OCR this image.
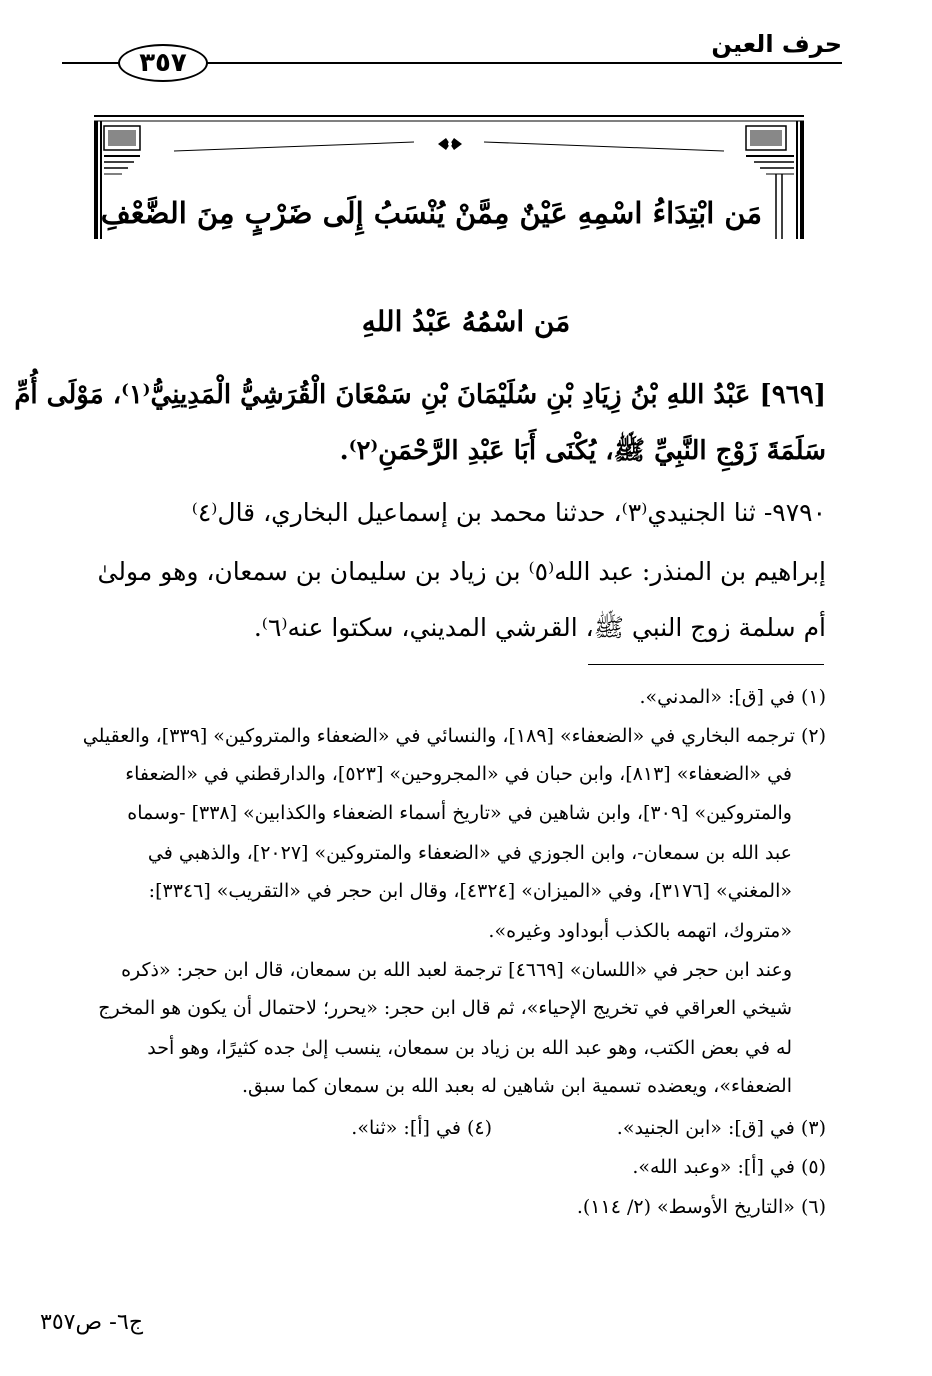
حرف العين
٣٥٧
مَن ابْتِدَاءُ اسْمِهِ عَيْنٌ مِمَّنْ يُنْسَبُ إِلَى ضَرْبٍ مِنَ الضَّعْفِ
مَن اسْمُهُ عَبْدُ اللهِ
[٩٦٩] عَبْدُ اللهِ بْنُ زِيَادِ بْنِ سُلَيْمَانَ بْنِ سَمْعَانَ الْقُرَشِيُّ الْمَدِينِيُّ⁽١⁾، مَوْلَى أُمِّ
سَلَمَةَ زَوْجِ النَّبِيِّ ﷺ، يُكْنَى أَبَا عَبْدِ الرَّحْمَنِ⁽٢⁾.
٩٧٩٠- ثنا الجنيدي⁽٣⁾، حدثنا محمد بن إسماعيل البخاري، قال⁽٤⁾
إبراهيم بن المنذر: عبد الله⁽٥⁾ بن زياد بن سليمان بن سمعان، وهو مولىٰ
أم سلمة زوج النبي ﷺ، القرشي المديني، سكتوا عنه⁽٦⁾.
(١) في [ق]: «المدني».
(٢) ترجمه البخاري في «الضعفاء» [١٨٩]، والنسائي في «الضعفاء والمتروكين» [٣٣٩]، والعقيلي
في «الضعفاء» [٨١٣]، وابن حبان في «المجروحين» [٥٢٣]، والدارقطني في «الضعفاء
والمتروكين» [٣٠٩]، وابن شاهين في «تاريخ أسماء الضعفاء والكذابين» [٣٣٨] -وسماه
عبد الله بن سمعان-، وابن الجوزي في «الضعفاء والمتروكين» [٢٠٢٧]، والذهبي في
«المغني» [٣١٧٦]، وفي «الميزان» [٤٣٢٤]، وقال ابن حجر في «التقريب» [٣٣٤٦]:
«متروك، اتهمه بالكذب أبوداود وغيره».
وعند ابن حجر في «اللسان» [٤٦٦٩] ترجمة لعبد الله بن سمعان، قال ابن حجر: «ذكره
شيخي العراقي في تخريج الإحياء»، ثم قال ابن حجر: «يحرر؛ لاحتمال أن يكون هو المخرج
له في بعض الكتب، وهو عبد الله بن زياد بن سمعان، ينسب إلىٰ جده كثيرًا، وهو أحد
الضعفاء»، ويعضده تسمية ابن شاهين له بعبد الله بن سمعان كما سبق.
(٣) في [ق]: «ابن الجنيد».
(٤) في [أ]: «ثنا».
(٥) في [أ]: «وعبد الله».
(٦) «التاريخ الأوسط» (٢/ ١١٤).
ج٦- ص٣٥٧
